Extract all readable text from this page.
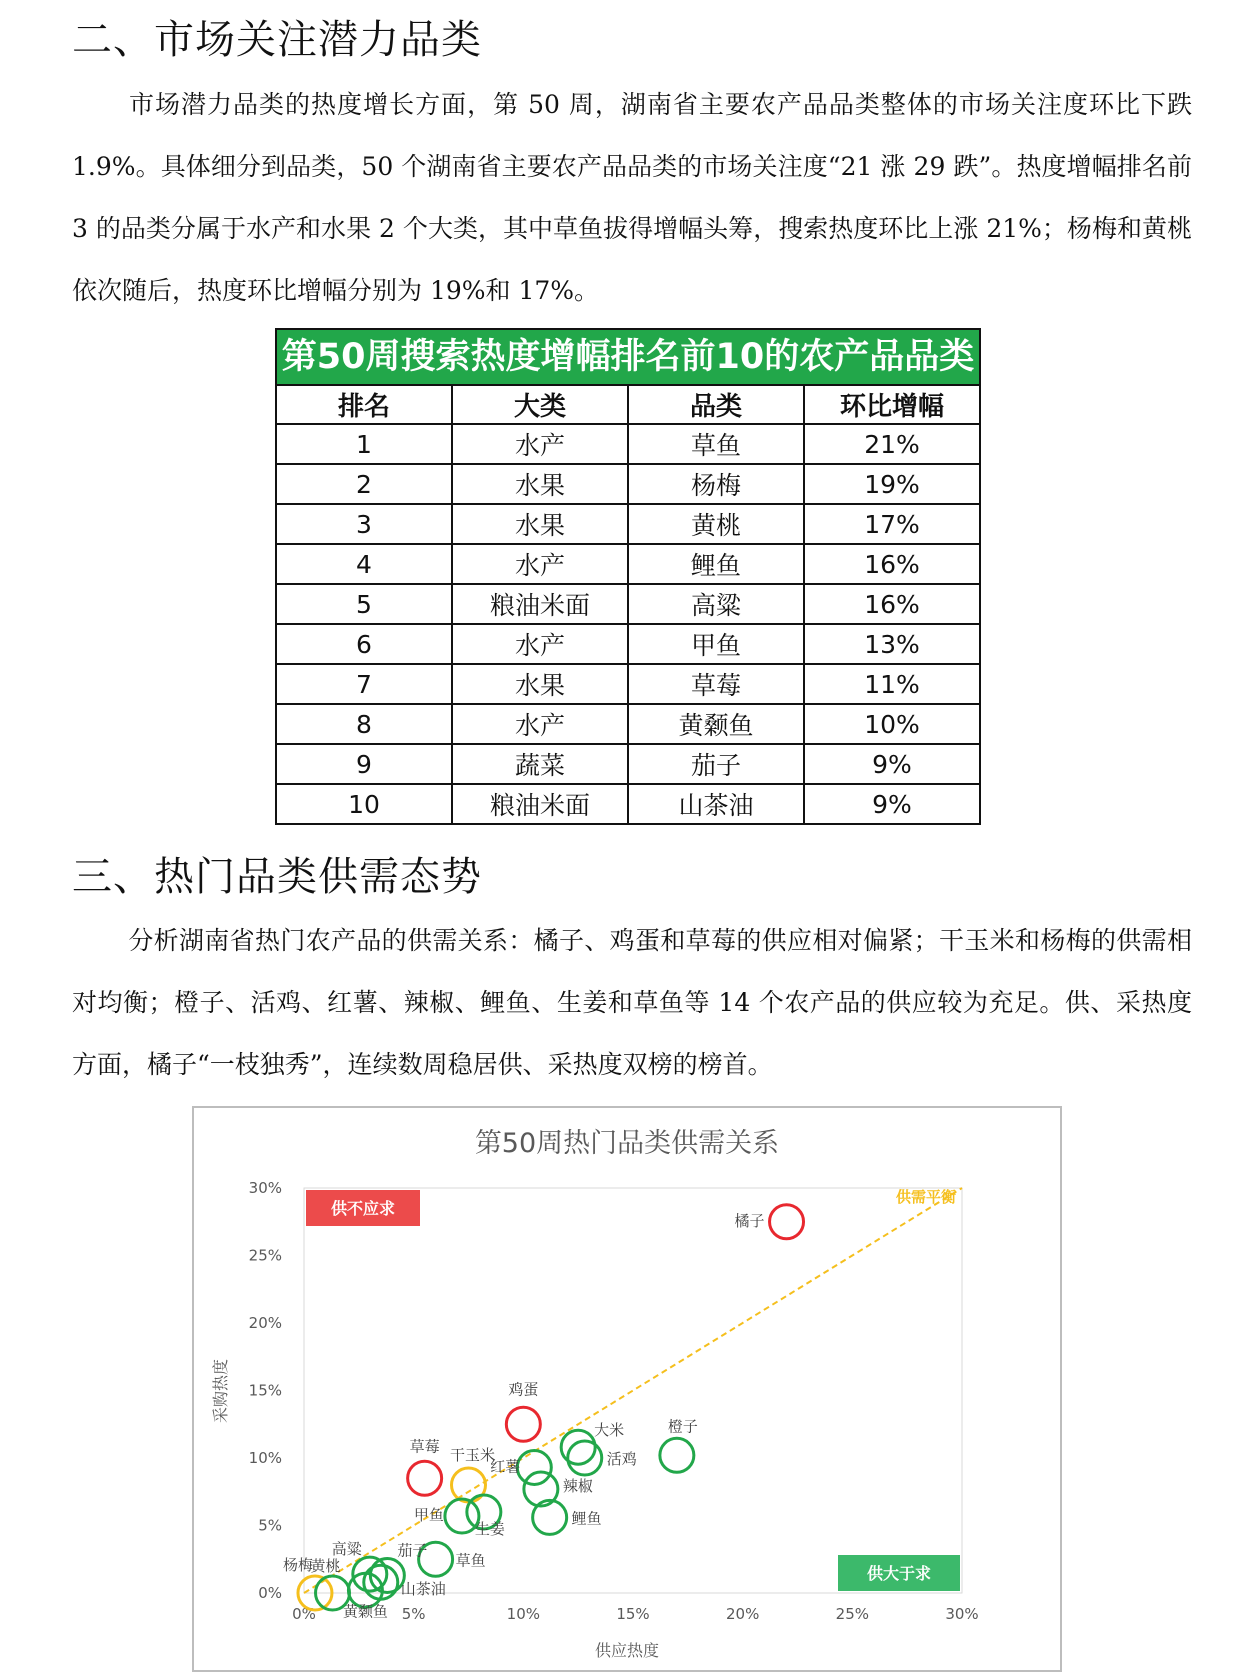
二、市场关注潜力品类

市场潜力品类的热度增长方面，第 50 周，湖南省主要农产品品类整体的市场关注度环比下跌 1.9%。具体细分到品类，50 个湖南省主要农产品品类的市场关注度“21 涨 29 跌”。热度增幅排名前 3 的品类分属于水产和水果 2 个大类，其中草鱼拔得增幅头筹，搜索热度环比上涨 21%；杨梅和黄桃依次随后，热度环比增幅分别为 19%和 17%。

第50周搜索热度增幅排名前10的农产品品类
排名	大类	品类	环比增幅
1	水产	草鱼	21%
2	水果	杨梅	19%
3	水果	黄桃	17%
4	水产	鲤鱼	16%
5	粮油米面	高粱	16%
6	水产	甲鱼	13%
7	水果	草莓	11%
8	水产	黄颡鱼	10%
9	蔬菜	茄子	9%
10	粮油米面	山茶油	9%
三、热门品类供需态势

分析湖南省热门农产品的供需关系：橘子、鸡蛋和草莓的供应相对偏紧；干玉米和杨梅的供需相对均衡；橙子、活鸡、红薯、辣椒、鲤鱼、生姜和草鱼等 14 个农产品的供应较为充足。供、采热度方面，橘子“一枝独秀”，连续数周稳居供、采热度双榜的榜首。

第50周热门品类供需关系
0%
5%
10%
15%
20%
25%
30%
0%	5%	10%	15%	20%	25%	30%
供应热度
采购热度
供需平衡
供不应求
供大于求
橘子
鸡蛋
草莓 干玉米
杨梅
橙子
大米
活鸡
红薯
辣椒
鲤鱼
生姜
甲鱼
草鱼
高粱 茄子
山茶油
黄颡鱼
黄桃
